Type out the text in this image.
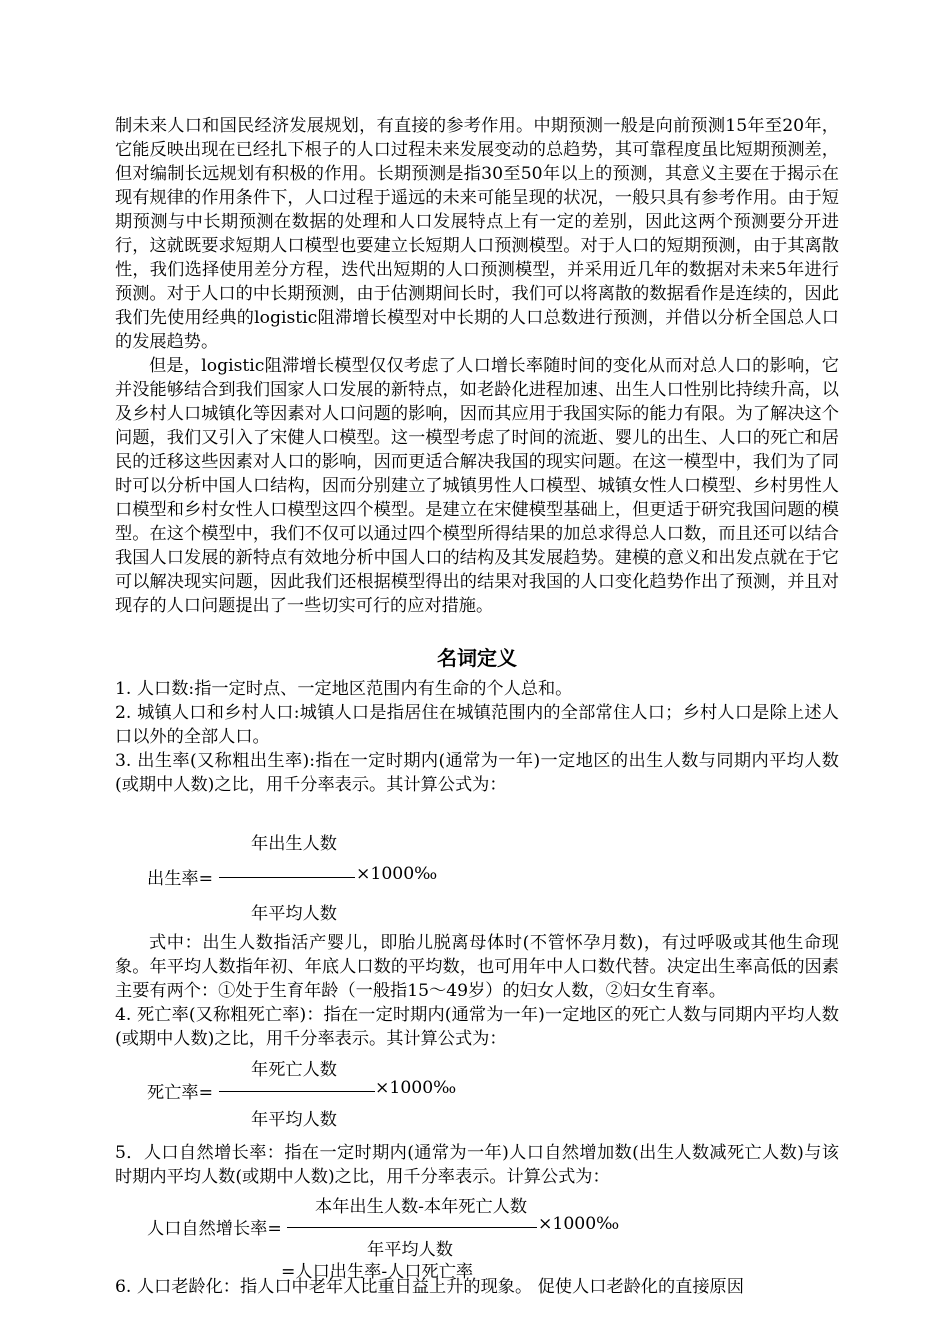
制未来人口和国民经济发展规划，有直接的参考作用。中期预测一般是向前预测15年至20年，它能反映出现在已经扎下根子的人口过程未来发展变动的总趋势，其可靠程度虽比短期预测差，但对编制长远规划有积极的作用。长期预测是指30至50年以上的预测，其意义主要在于揭示在现有规律的作用条件下，人口过程于遥远的未来可能呈现的状况，一般只具有参考作用。由于短期预测与中长期预测在数据的处理和人口发展特点上有一定的差别，因此这两个预测要分开进行，这就既要求短期人口模型也要建立长短期人口预测模型。对于人口的短期预测，由于其离散性，我们选择使用差分方程，迭代出短期的人口预测模型，并采用近几年的数据对未来5年进行预测。对于人口的中长期预测，由于估测期间长时，我们可以将离散的数据看作是连续的，因此我们先使用经典的logistic阻滞增长模型对中长期的人口总数进行预测，并借以分析全国总人口的发展趋势。

但是，logistic阻滞增长模型仅仅考虑了人口增长率随时间的变化从而对总人口的影响，它并没能够结合到我们国家人口发展的新特点，如老龄化进程加速、出生人口性别比持续升高，以及乡村人口城镇化等因素对人口问题的影响，因而其应用于我国实际的能力有限。为了解决这个问题，我们又引入了宋健人口模型。这一模型考虑了时间的流逝、婴儿的出生、人口的死亡和居民的迁移这些因素对人口的影响，因而更适合解决我国的现实问题。在这一模型中，我们为了同时可以分析中国人口结构，因而分别建立了城镇男性人口模型、城镇女性人口模型、乡村男性人口模型和乡村女性人口模型这四个模型。是建立在宋健模型基础上，但更适于研究我国问题的模型。在这个模型中，我们不仅可以通过四个模型所得结果的加总求得总人口数，而且还可以结合我国人口发展的新特点有效地分析中国人口的结构及其发展趋势。建模的意义和出发点就在于它可以解决现实问题，因此我们还根据模型得出的结果对我国的人口变化趋势作出了预测，并且对现存的人口问题提出了一些切实可行的应对措施。

名词定义

1. 人口数:指一定时点、一定地区范围内有生命的个人总和。

2. 城镇人口和乡村人口:城镇人口是指居住在城镇范围内的全部常住人口；乡村人口是除上述人口以外的全部人口。

3. 出生率(又称粗出生率):指在一定时期内(通常为一年)一定地区的出生人数与同期内平均人数(或期中人数)之比，用千分率表示。其计算公式为：

年出生人数
出生率=	×1000‰
年平均人数

式中：出生人数指活产婴儿，即胎儿脱离母体时(不管怀孕月数)，有过呼吸或其他生命现象。年平均人数指年初、年底人口数的平均数，也可用年中人口数代替。决定出生率高低的因素主要有两个：①处于生育年龄（一般指15～49岁）的妇女人数，②妇女生育率。

4. 死亡率(又称粗死亡率)：指在一定时期内(通常为一年)一定地区的死亡人数与同期内平均人数(或期中人数)之比，用千分率表示。其计算公式为：

年死亡人数
死亡率=	×1000‰
年平均人数

5．人口自然增长率：指在一定时期内(通常为一年)人口自然增加数(出生人数减死亡人数)与该时期内平均人数(或期中人数)之比，用千分率表示。计算公式为：

本年出生人数-本年死亡人数
人口自然增长率=	×1000‰
年平均人数
=人口出生率-人口死亡率

6. 人口老龄化：指人口中老年人比重日益上升的现象。 促使人口老龄化的直接原因
